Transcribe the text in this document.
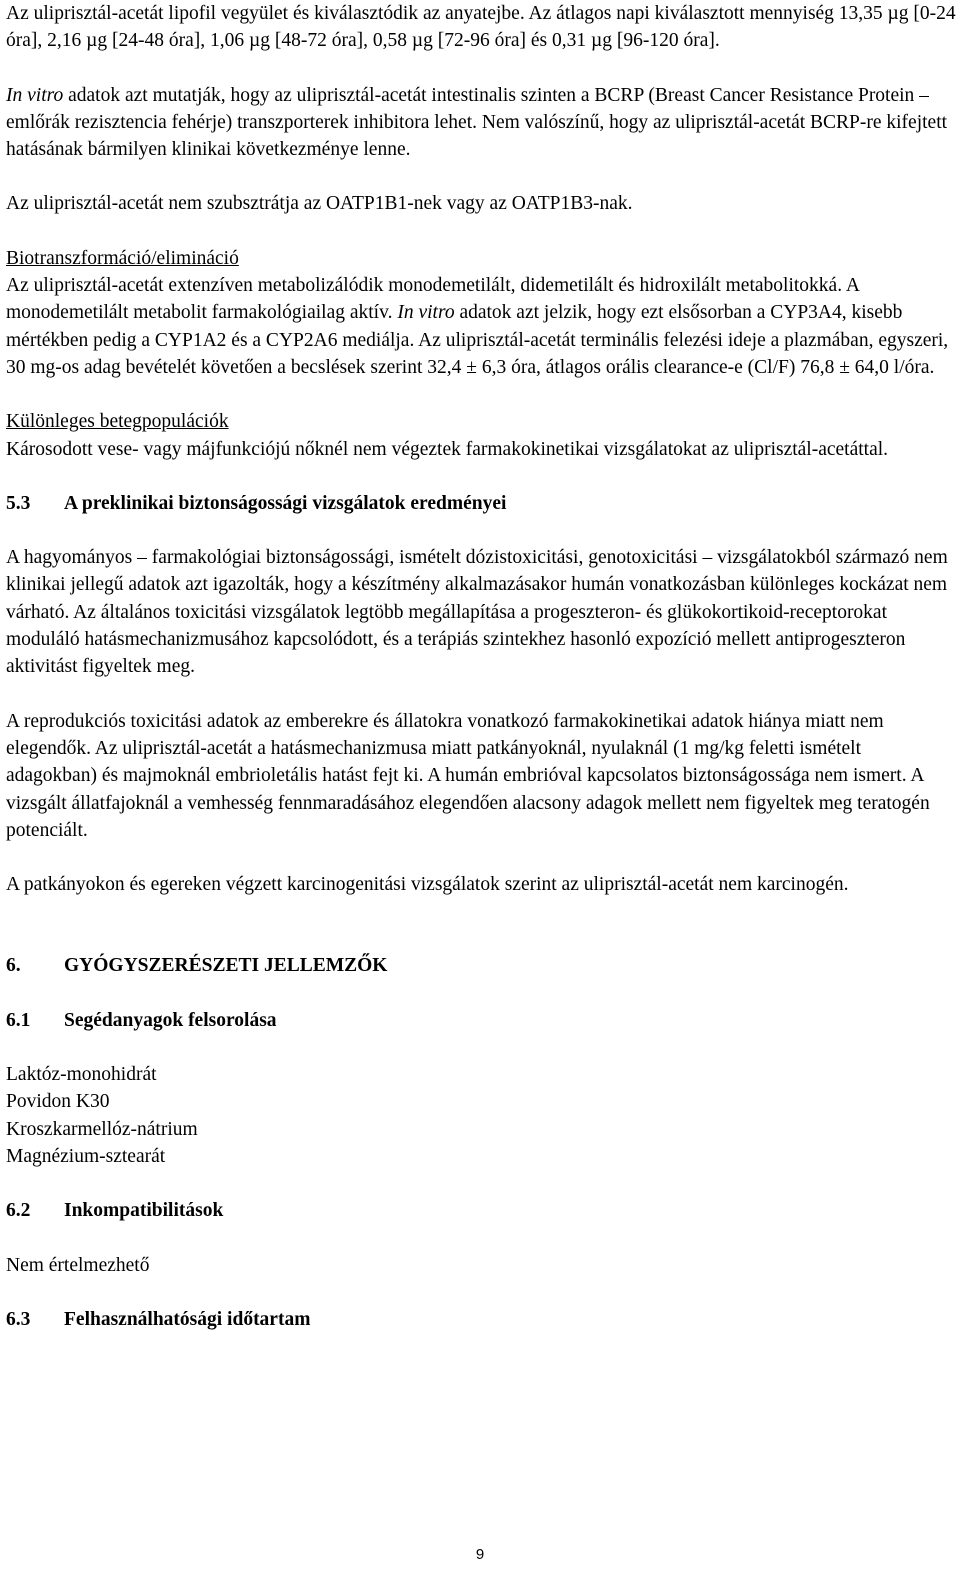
Az uliprisztál-acetát lipofil vegyület és kiválasztódik az anyatejbe. Az átlagos napi kiválasztott mennyiség 13,35 µg [0-24 óra], 2,16 µg [24-48 óra], 1,06 µg [48-72 óra], 0,58 µg [72-96 óra] és 0,31 µg [96-120 óra].

In vitro adatok azt mutatják, hogy az uliprisztál-acetát intestinalis szinten a BCRP (Breast Cancer Resistance Protein – emlőrák rezisztencia fehérje) transzporterek inhibitora lehet. Nem valószínű, hogy az uliprisztál-acetát BCRP-re kifejtett hatásának bármilyen klinikai következménye lenne.

Az uliprisztál-acetát nem szubsztrátja az OATP1B1-nek vagy az OATP1B3-nak.

Biotranszformáció/elimináció

Az uliprisztál-acetát extenzíven metabolizálódik monodemetilált, didemetilált és hidroxilált metabolitokká. A monodemetilált metabolit farmakológiailag aktív. In vitro adatok azt jelzik, hogy ezt elsősorban a CYP3A4, kisebb mértékben pedig a CYP1A2 és a CYP2A6 mediálja. Az uliprisztál-acetát terminális felezési ideje a plazmában, egyszeri, 30 mg-os adag bevételét követően a becslések szerint 32,4 ± 6,3 óra, átlagos orális clearance-e (Cl/F) 76,8 ± 64,0 l/óra.

Különleges betegpopulációk

Károsodott vese- vagy májfunkciójú nőknél nem végeztek farmakokinetikai vizsgálatokat az uliprisztál-acetáttal.

5.3	A preklinikai biztonságossági vizsgálatok eredményei

A hagyományos – farmakológiai biztonságossági, ismételt dózistoxicitási, genotoxicitási – vizsgálatokból származó nem klinikai jellegű adatok azt igazolták, hogy a készítmény alkalmazásakor humán vonatkozásban különleges kockázat nem várható. Az általános toxicitási vizsgálatok legtöbb megállapítása a progeszteron- és glükokortikoid-receptorokat moduláló hatásmechanizmusához kapcsolódott, és a terápiás szintekhez hasonló expozíció mellett antiprogeszteron aktivitást figyeltek meg.

A reprodukciós toxicitási adatok az emberekre és állatokra vonatkozó farmakokinetikai adatok hiánya miatt nem elegendők. Az uliprisztál-acetát a hatásmechanizmusa miatt patkányoknál, nyulaknál (1 mg/kg feletti ismételt adagokban) és majmoknál embrioletális hatást fejt ki. A humán embrióval kapcsolatos biztonságossága nem ismert. A vizsgált állatfajoknál a vemhesség fennmaradásához elegendően alacsony adagok mellett nem figyeltek meg teratogén potenciált.

A patkányokon és egereken végzett karcinogenitási vizsgálatok szerint az uliprisztál-acetát nem karcinogén.

6.	GYÓGYSZERÉSZETI JELLEMZŐK
6.1	Segédanyagok felsorolása

Laktóz-monohidrát

Povidon K30

Kroszkarmellóz-nátrium

Magnézium-sztearát

6.2	Inkompatibilitások

Nem értelmezhető

6.3	Felhasználhatósági időtartam
9
